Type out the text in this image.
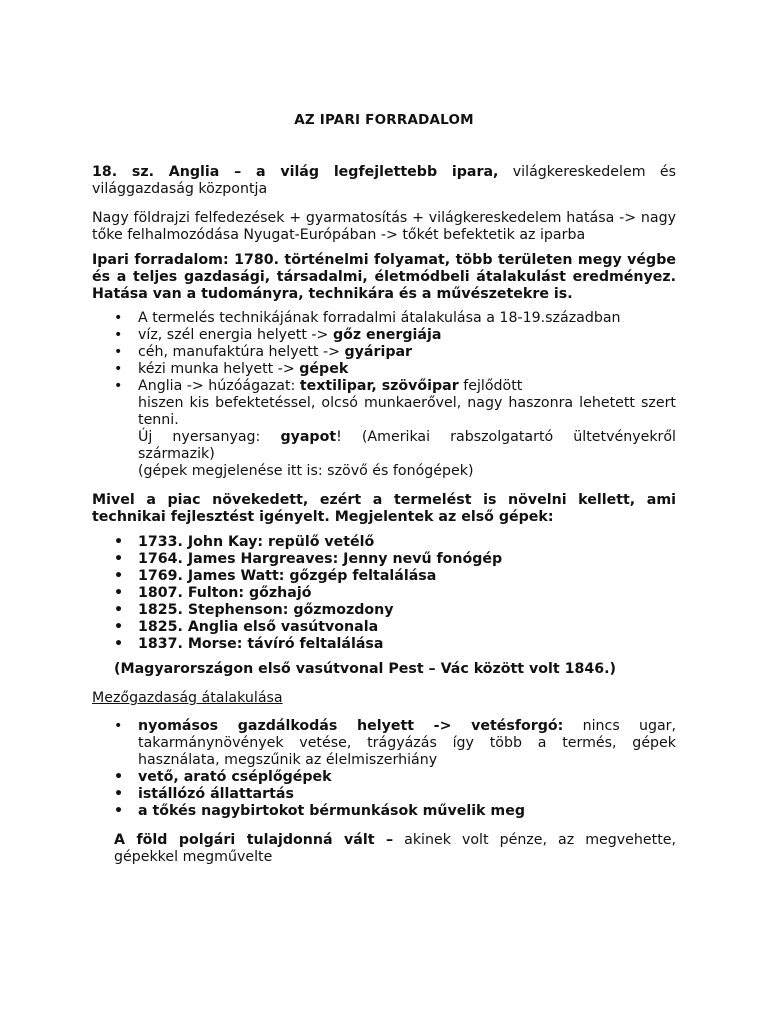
AZ IPARI FORRADALOM

18. sz. Anglia – a világ legfejlettebb ipara, világkereskedelem és világgazdaság központja

Nagy földrajzi felfedezések + gyarmatosítás + világkereskedelem hatása -> nagy tőke felhalmozódása Nyugat-Európában -> tőkét befektetik az iparba

Ipari forradalom: 1780. történelmi folyamat, több területen megy végbe és a teljes gazdasági, társadalmi, életmódbeli átalakulást eredményez. Hatása van a tudományra, technikára és a művészetekre is.

• A termelés technikájának forradalmi átalakulása a 18-19.században
• víz, szél energia helyett -> gőz energiája
• céh, manufaktúra helyett -> gyáripar
• kézi munka helyett -> gépek
• Anglia -> húzóágazat: textilipar, szövőipar fejlődött
hiszen kis befektetéssel, olcsó munkaerővel, nagy haszonra lehetett szert tenni.
Új nyersanyag: gyapot! (Amerikai rabszolgatartó ültetvényekről származik)
(gépek megjelenése itt is: szövő és fonógépek)

Mivel a piac növekedett, ezért a termelést is növelni kellett, ami technikai fejlesztést igényelt. Megjelentek az első gépek:

• 1733. John Kay: repülő vetélő
• 1764. James Hargreaves: Jenny nevű fonógép
• 1769. James Watt: gőzgép feltalálása
• 1807. Fulton: gőzhajó
• 1825. Stephenson: gőzmozdony
• 1825. Anglia első vasútvonala
• 1837. Morse: távíró feltalálása

(Magyarországon első vasútvonal Pest – Vác között volt 1846.)

Mezőgazdaság átalakulása

• nyomásos gazdálkodás helyett -> vetésforgó: nincs ugar, takarmánynövények vetése, trágyázás így több a termés, gépek használata, megszűnik az élelmiszerhiány
• vető, arató cséplőgépek
• istállózó állattartás
• a tőkés nagybirtokot bérmunkások művelik meg

A föld polgári tulajdonná vált – akinek volt pénze, az megvehette, gépekkel megművelte
